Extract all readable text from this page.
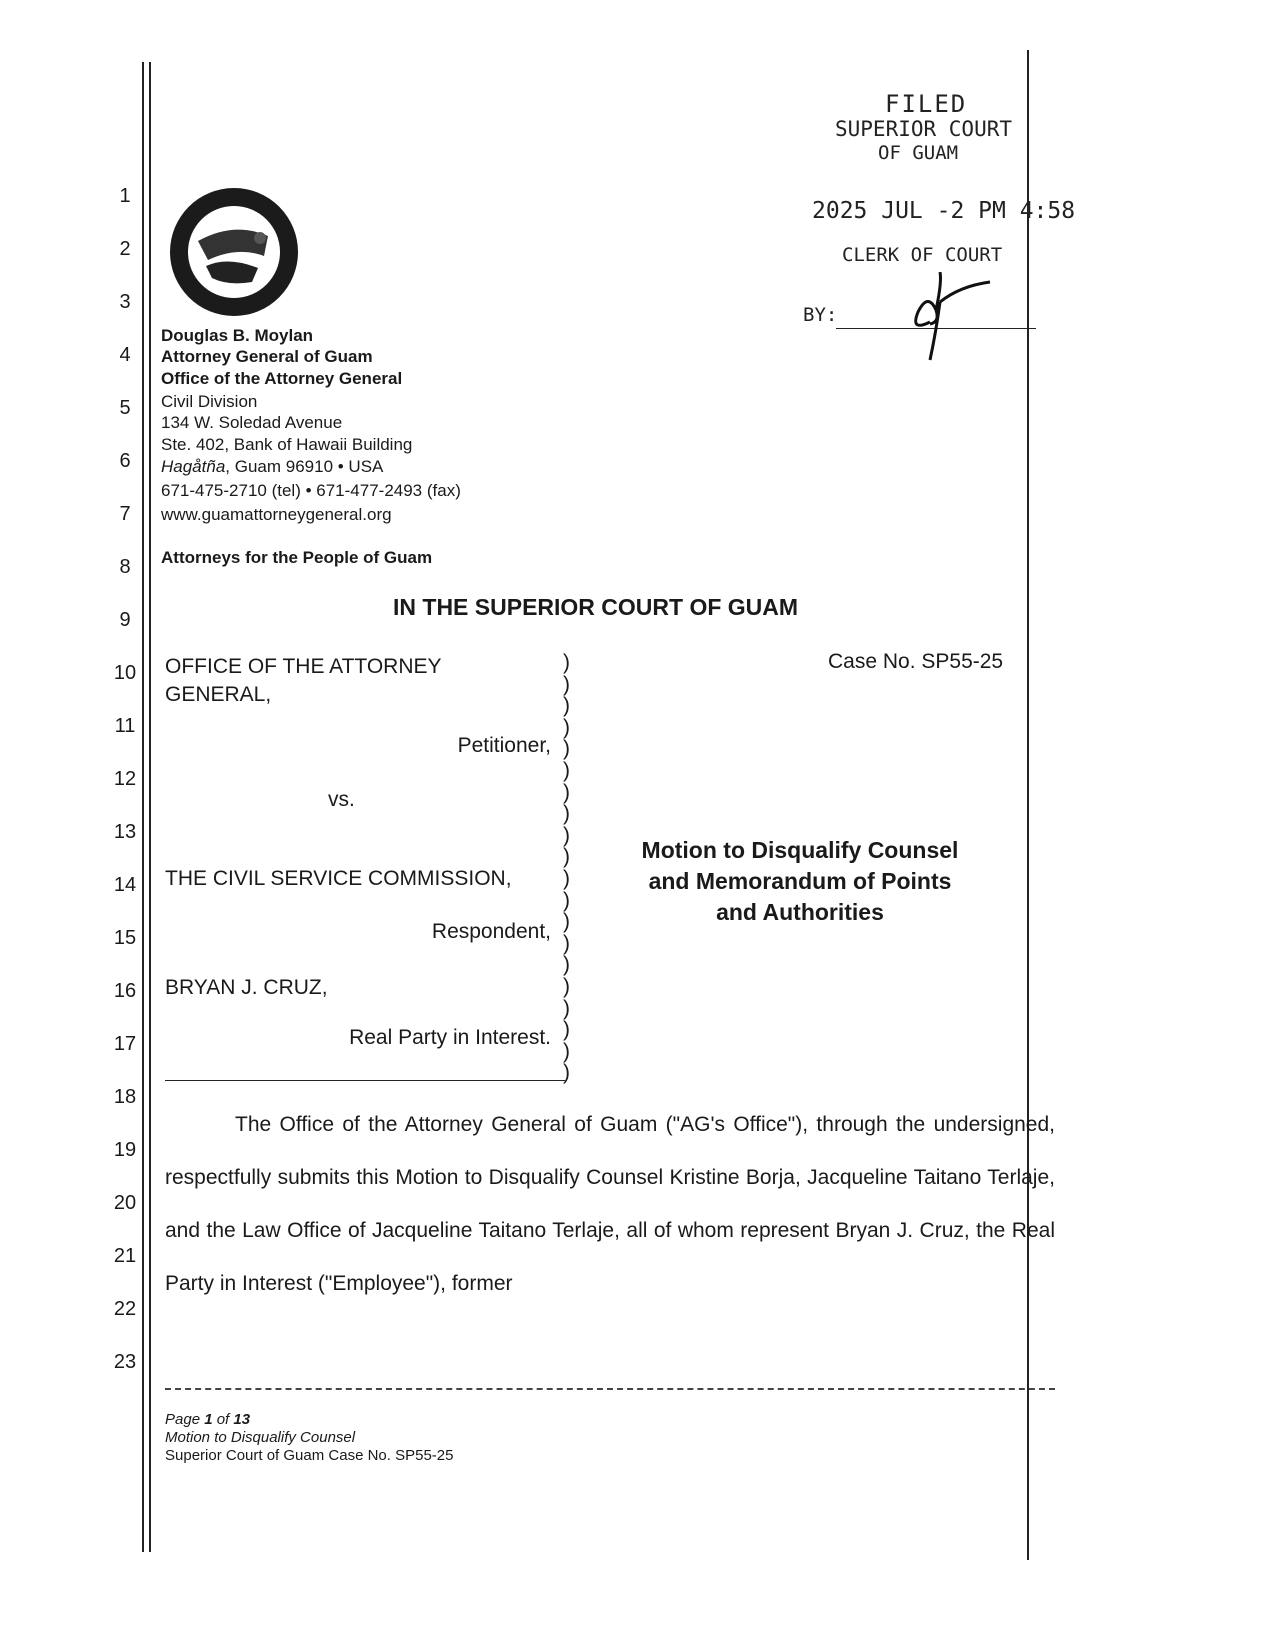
1
2
3
4
5
6
7
8
9
10
11
12
13
14
15
16
17
18
19
20
21
22
23
FILED
SUPERIOR COURT
OF GUAM
2025 JUL -2 PM 4:58
CLERK OF COURT
BY:
Douglas B. Moylan
Attorney General of Guam
Office of the Attorney General
Civil Division
134 W. Soledad Avenue
Ste. 402, Bank of Hawaii Building
Hagåtña, Guam 96910 • USA
671-475-2710 (tel) • 671-477-2493 (fax)
www.guamattorneygeneral.org
Attorneys for the People of Guam
IN THE SUPERIOR COURT OF GUAM
OFFICE OF THE ATTORNEY
GENERAL,
Petitioner,
vs.
THE CIVIL SERVICE COMMISSION,
Respondent,
BRYAN J. CRUZ,
Real Party in Interest.
)
)
)
)
)
)
)
)
)
)
)
)
)
)
)
)
)
)
)
)
Case No. SP55-25
Motion to Disqualify Counsel
and Memorandum of Points
and Authorities
The Office of the Attorney General of Guam ("AG's Office"), through the undersigned, respectfully submits this Motion to Disqualify Counsel Kristine Borja, Jacqueline Taitano Terlaje, and the Law Office of Jacqueline Taitano Terlaje, all of whom represent Bryan J. Cruz, the Real Party in Interest ("Employee"), former
Page 1 of 13
Motion to Disqualify Counsel
Superior Court of Guam Case No. SP55-25
